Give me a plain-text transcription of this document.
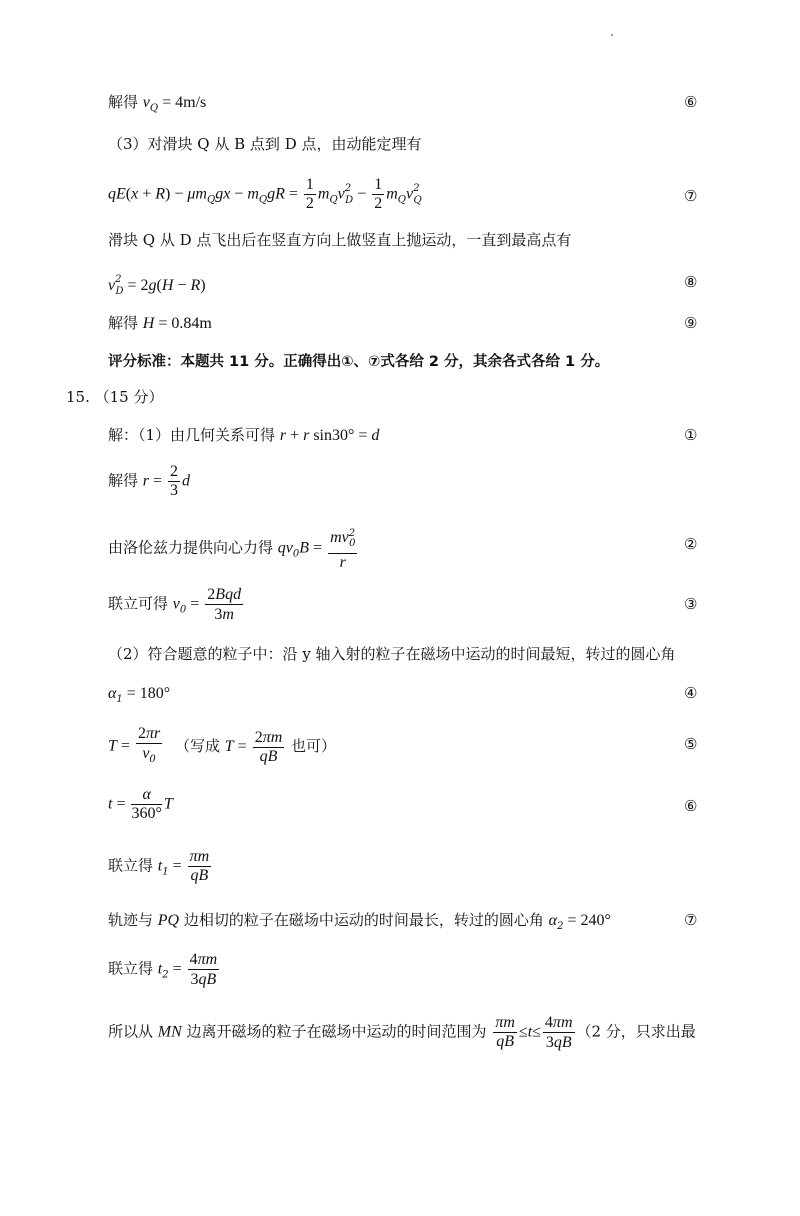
解得 $v_Q = 4m/s$	⑥
（3）对滑块 Q 从 B 点到 D 点，由动能定理有
$qE(x + R) - \mu m_Qgx - m_QgR = \frac{1}{2} m_Qv^2_D - \frac{1}{2} m_Qv^2_Q$	⑦
滑块 Q 从 D 点飞出后在竖直方向上做竖直上抛运动，一直到最高点有
$v^2_D = 2g(H - R)$	⑧
解得 H = 0.84m	⑨
评分标准：本题共 11 分。正确得出①、⑦式各给 2 分，其余各式各给 1 分。
15. （15 分）
解：（1）由几何关系可得 r + r sin30° = d	①
解得 $r = \frac{2}{3}$ d
由洛伦兹力提供向心力得 $qv_0B = \frac{mv^2_0}{r}$	②
联立可得 $v_0 = \frac{\text{2Bqd}}{3m}$	③
（2）符合题意的粒子中：沿 y 轴入射的粒子在磁场中运动的时间最短，转过的圆心角
$\alpha_1 = 180^\circ$	④
$T = \frac{2\pi r}{v_0}$ （写成 $T = \frac{2\pi m}{qB}$ 也可）	⑤
$t = \frac{\alpha}{360^\circ}$ T	⑥
联立得 $t_1 = \frac{\pi m}{qB}$
轨迹与 PQ 边相切的粒子在磁场中运动的时间最长，转过的圆心角 $\alpha_2 = 240^\circ$	⑦
联立得 $t_2 = \frac{4\pi m}{3qB}$
所以从 MN 边离开磁场的粒子在磁场中运动的时间范围为 $\frac{\pi m}{qB} \le t\le \frac{4\pi m}{3qB} (2$ 分，只求出最
